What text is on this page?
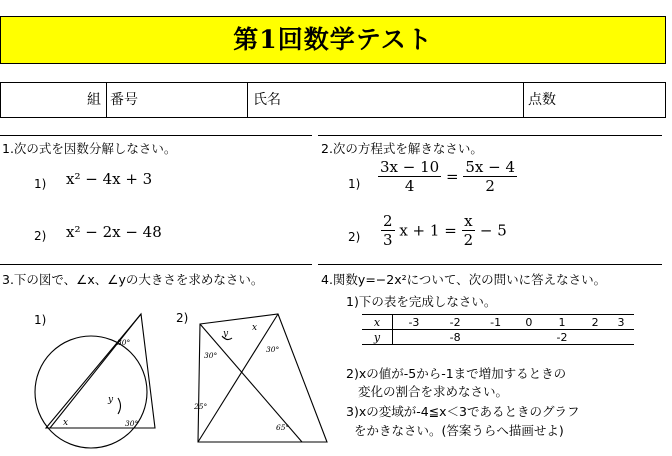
第1回数学テスト
組 番号	氏名	点数
1.次の式を因数分解しなさい。
1) x² − 4x + 3
2) x² − 2x − 48
2.次の方程式を解きなさい。
$1) \frac{3x - 10}{4} = \frac{5x - 4}{2}$
$2) \frac{2}{3}$ $x + 1 = \frac{x}{2} - 5$
3.下の図で、∠x、∠yの大きさを求めなさい。
1)	2)
30°
30°
x
y
30°
30°
25°
65°
x
y
4.関数y=−2x²について、次の問いに答えなさい。
1)下の表を完成しなさい。
x	-3	-2	-1	0	1	2	3
y		-8			-2		
2)xの値が-5から-1まで増加するときの
変化の割合を求めなさい。
3)xの変域が-4≦x＜3であるときのグラフ
をかきなさい。(答案うらへ描画せよ)
